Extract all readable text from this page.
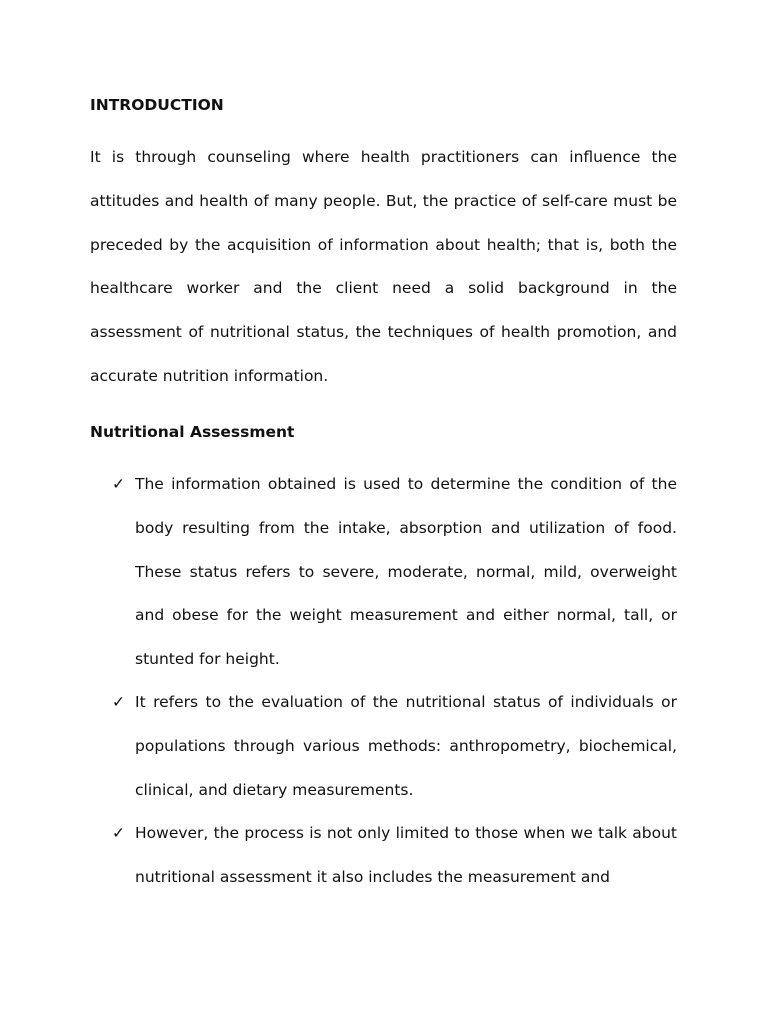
INTRODUCTION

It is through counseling where health practitioners can influence the attitudes and health of many people. But, the practice of self-care must be preceded by the acquisition of information about health; that is, both the healthcare worker and the client need a solid background in the assessment of nutritional status, the techniques of health promotion, and accurate nutrition information.

Nutritional Assessment
✓ The information obtained is used to determine the condition of the body resulting from the intake, absorption and utilization of food. These status refers to severe, moderate, normal, mild, overweight and obese for the weight measurement and either normal, tall, or stunted for height.

✓ It refers to the evaluation of the nutritional status of individuals or populations through various methods: anthropometry, biochemical, clinical, and dietary measurements.

✓ However, the process is not only limited to those when we talk about nutritional assessment it also includes the measurement and
